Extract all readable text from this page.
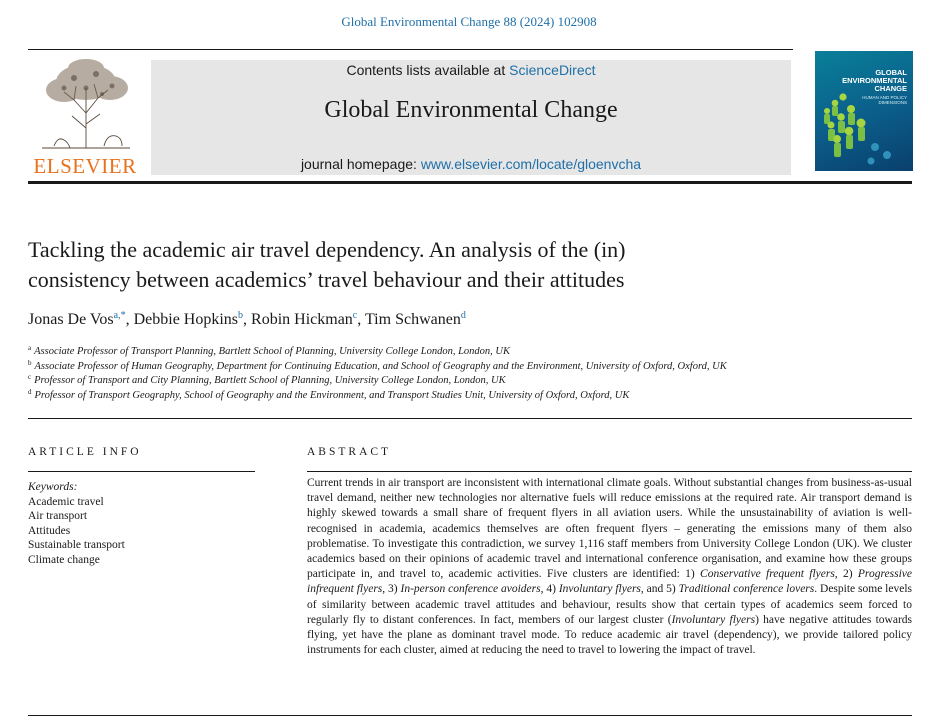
Global Environmental Change 88 (2024) 102908
ELSEVIER
Contents lists available at ScienceDirect
Global Environmental Change
journal homepage: www.elsevier.com/locate/gloenvcha
GLOBAL ENVIRONMENTAL CHANGE
HUMAN AND POLICY DIMENSIONS
Tackling the academic air travel dependency. An analysis of the (in)
consistency between academics’ travel behaviour and their attitudes
Jonas De Vos$^{a,*}$, Debbie Hopkins$^b$, Robin Hickman$^c$, Tim Schwanen$^d$
$^a$ Associate Professor of Transport Planning, Bartlett School of Planning, University College London, London, UK
$^b$ Associate Professor of Human Geography, Department for Continuing Education, and School of Geography and the Environment, University of Oxford, Oxford, UK
$^c$ Professor of Transport and City Planning, Bartlett School of Planning, University College London, London, UK
$^d$ Professor of Transport Geography, School of Geography and the Environment, and Transport Studies Unit, University of Oxford, Oxford, UK
ARTICLE INFO
Keywords:
Academic travel
Air transport
Attitudes
Sustainable transport
Climate change
ABSTRACT
Current trends in air transport are inconsistent with international climate goals. Without substantial changes from business-as-usual travel demand, neither new technologies nor alternative fuels will reduce emissions at the required rate. Air transport demand is highly skewed towards a small share of frequent flyers in all aviation users. While the unsustainability of aviation is well-recognised in academia, academics themselves are often frequent flyers – generating the emissions many of them also problematise. To investigate this contradiction, we survey 1,116 staff members from University College London (UK). We cluster academics based on their opinions of academic travel and international conference organisation, and examine how these groups participate in, and travel to, academic activities. Five clusters are identified: 1) Conservative frequent flyers, 2) Progressive infrequent flyers, 3) In-person conference avoiders, 4) Involuntary flyers, and 5) Traditional conference lovers. Despite some levels of similarity between academic travel attitudes and behaviour, results show that certain types of academics seem forced to regularly fly to distant conferences. In fact, members of our largest cluster (Involuntary flyers) have negative attitudes towards flying, yet have the plane as dominant travel mode. To reduce academic air travel (dependency), we provide tailored policy instruments for each cluster, aimed at reducing the need to travel to lowering the impact of travel.
